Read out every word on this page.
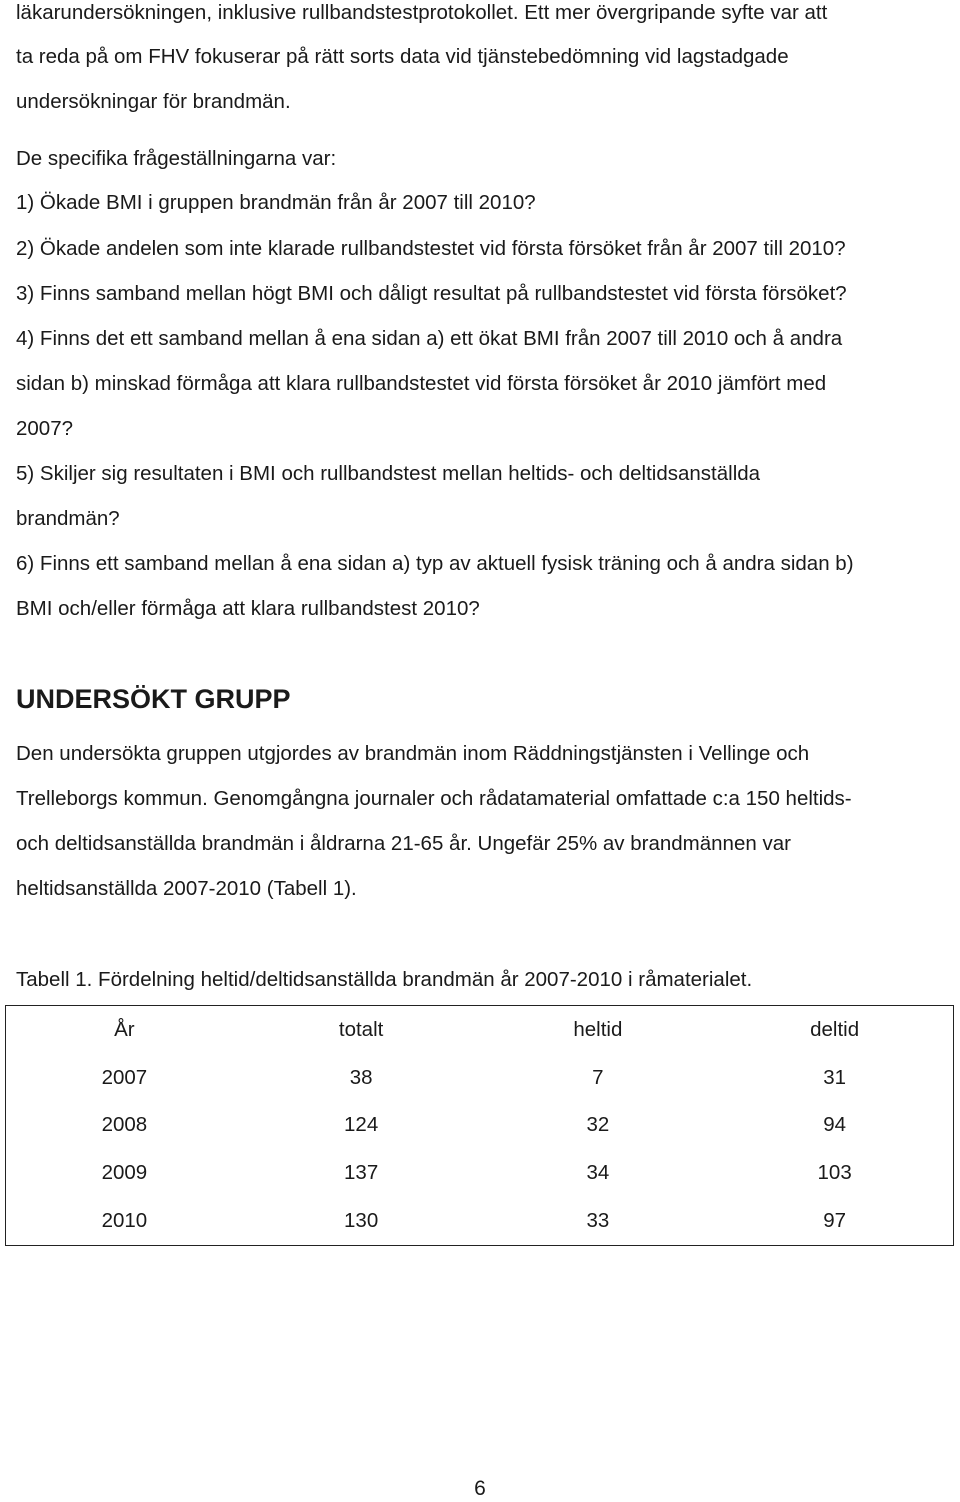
läkarundersökningen, inklusive rullbandstestprotokollet. Ett mer övergripande syfte var att
ta reda på om FHV fokuserar på rätt sorts data vid tjänstebedömning vid lagstadgade
undersökningar för brandmän.
De specifika frågeställningarna var:
1) Ökade BMI i gruppen brandmän från år 2007 till 2010?
2) Ökade andelen som inte klarade rullbandstestet vid första försöket från år 2007 till 2010?
3) Finns samband mellan högt BMI och dåligt resultat på rullbandstestet vid första försöket?
4) Finns det ett samband mellan å ena sidan a) ett ökat BMI från 2007 till 2010 och å andra
sidan b) minskad förmåga att klara rullbandstestet vid första försöket år 2010 jämfört med
2007?
5) Skiljer sig resultaten i BMI och rullbandstest mellan heltids- och deltidsanställda
brandmän?
6) Finns ett samband mellan å ena sidan a) typ av aktuell fysisk träning och å andra sidan b)
BMI och/eller förmåga att klara rullbandstest 2010?
UNDERSÖKT GRUPP
Den undersökta gruppen utgjordes av brandmän inom Räddningstjänsten i Vellinge och
Trelleborgs kommun. Genomgångna journaler och rådatamaterial omfattade c:a 150 heltids-
och deltidsanställda brandmän i åldrarna 21-65 år. Ungefär 25% av brandmännen var
heltidsanställda 2007-2010 (Tabell 1).
Tabell 1. Fördelning heltid/deltidsanställda brandmän år 2007-2010 i råmaterialet.
År	totalt	heltid	deltid
2007	38	7	31
2008	124	32	94
2009	137	34	103
2010	130	33	97
6
